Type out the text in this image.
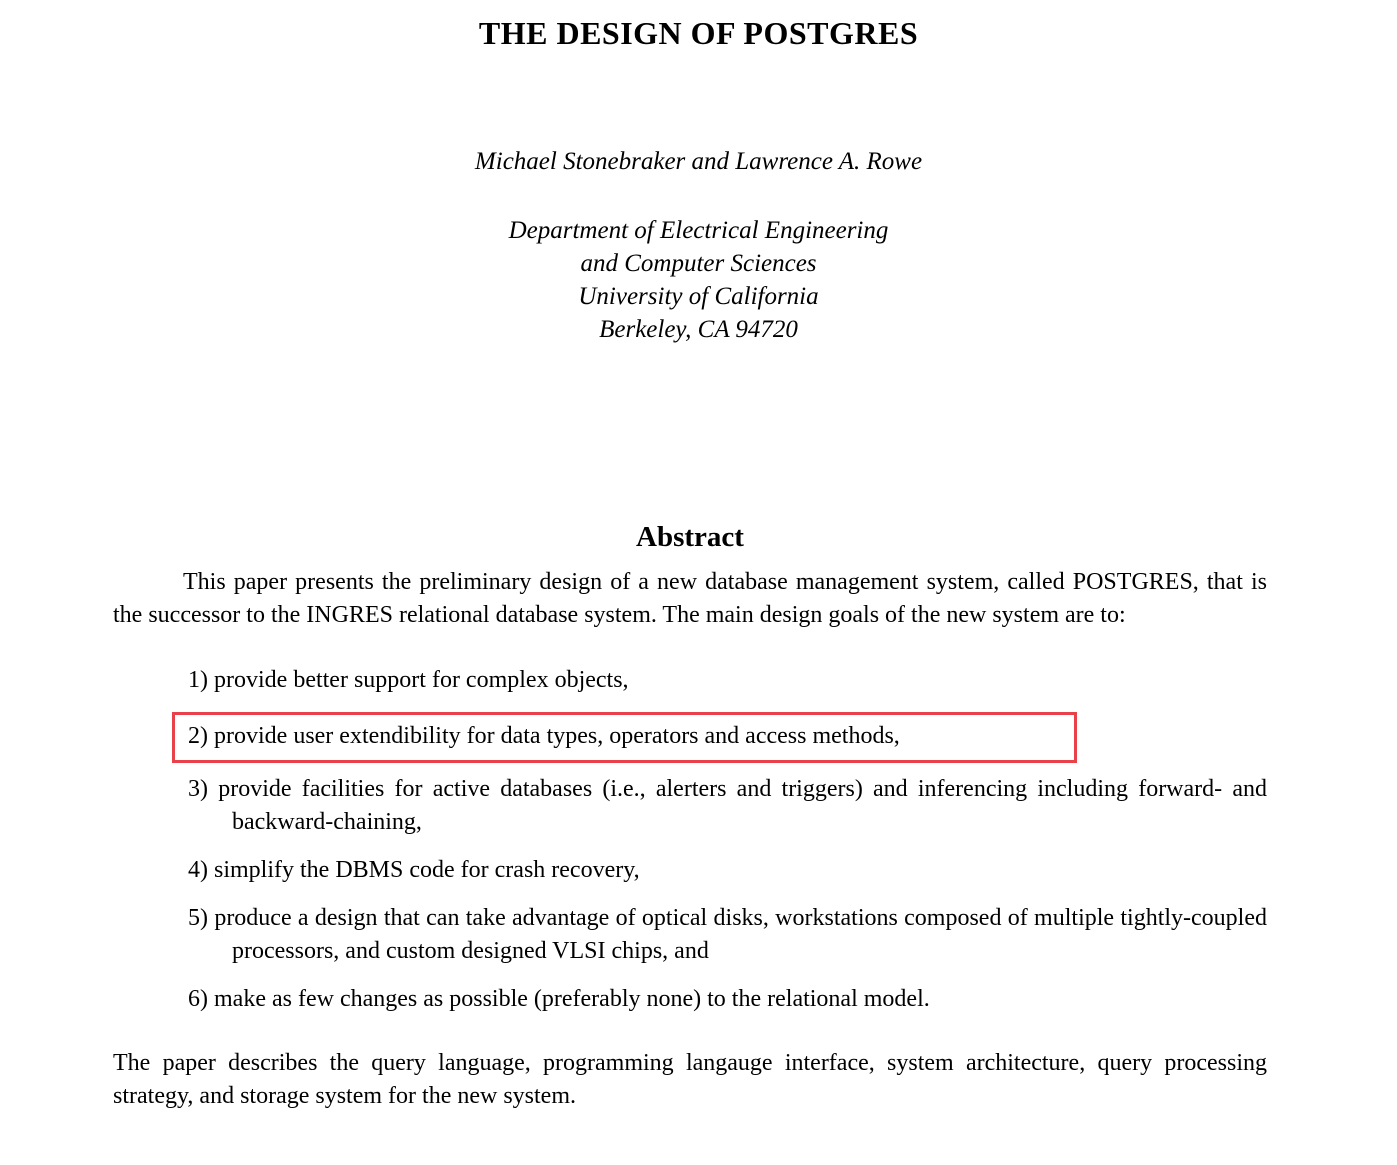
THE DESIGN OF POSTGRES
Michael Stonebraker and Lawrence A. Rowe
Department of Electrical Engineering
and Computer Sciences
University of California
Berkeley, CA 94720
Abstract

This paper presents the preliminary design of a new database management system, called POSTGRES, that is the successor to the INGRES relational database system. The main design goals of the new system are to:

1) provide better support for complex objects,
2) provide user extendibility for data types, operators and access methods,
3) provide facilities for active databases (i.e., alerters and triggers) and inferencing including forward- and backward-chaining,
4) simplify the DBMS code for crash recovery,
5) produce a design that can take advantage of optical disks, workstations composed of multiple tightly-coupled processors, and custom designed VLSI chips, and
6) make as few changes as possible (preferably none) to the relational model.

The paper describes the query language, programming langauge interface, system architecture, query processing strategy, and storage system for the new system.
